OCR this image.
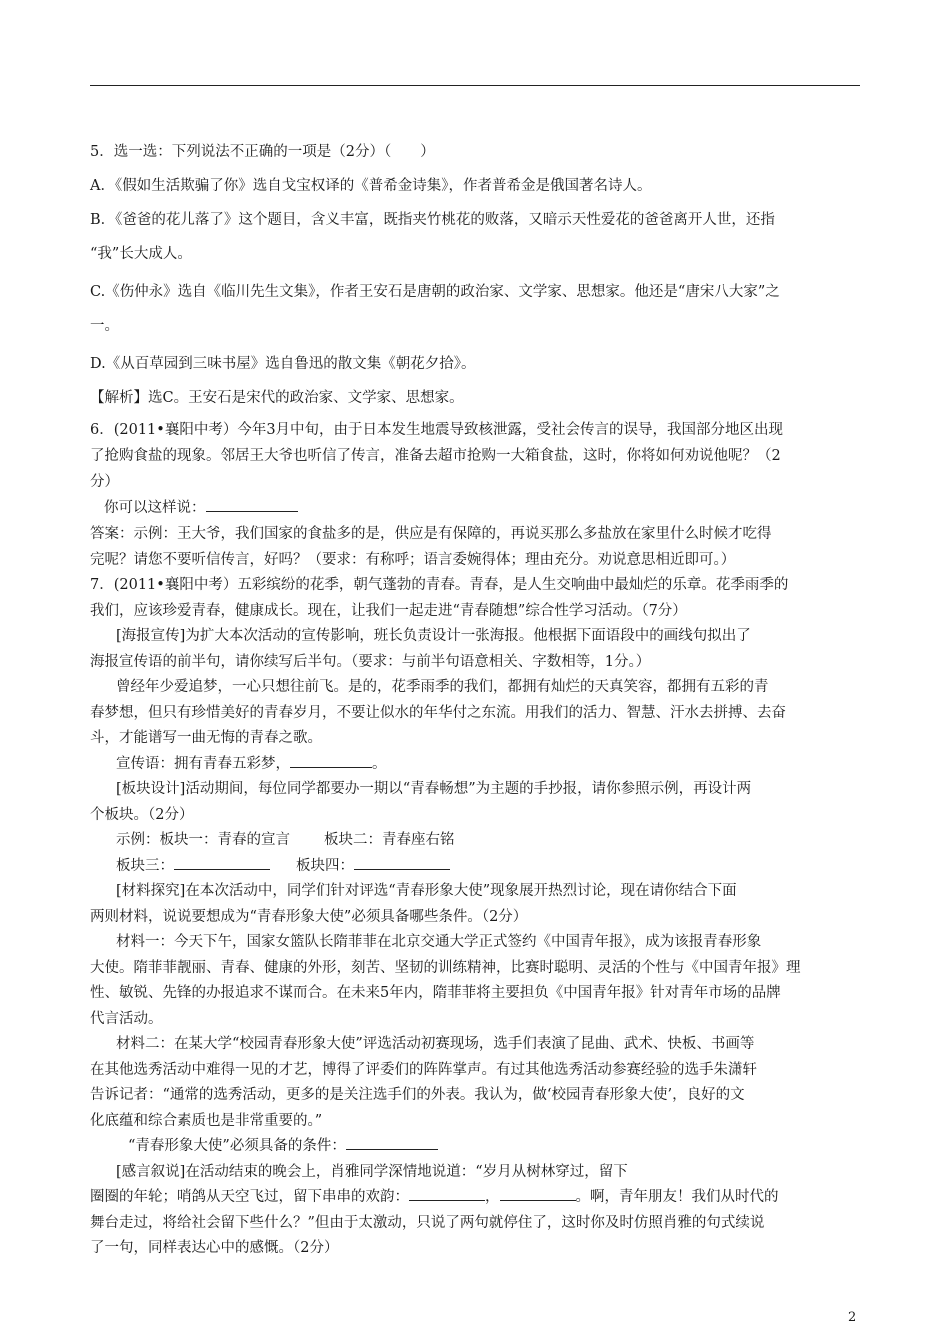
5．选一选：下列说法不正确的一项是（2分）（　　）

A．《假如生活欺骗了你》选自戈宝权译的《普希金诗集》，作者普希金是俄国著名诗人。

B．《爸爸的花儿落了》这个题目，含义丰富，既指夹竹桃花的败落，又暗示天性爱花的爸爸离开人世，还指

“我”长大成人。

C.《伤仲永》选自《临川先生文集》，作者王安石是唐朝的政治家、文学家、思想家。他还是“唐宋八大家”之

一。

D.《从百草园到三味书屋》选自鲁迅的散文集《朝花夕拾》。

【解析】选C。王安石是宋代的政治家、文学家、思想家。

6．(2011•襄阳中考）今年3月中旬，由于日本发生地震导致核泄露，受社会传言的误导，我国部分地区出现

了抢购食盐的现象。邻居王大爷也听信了传言，准备去超市抢购一大箱食盐，这时，你将如何劝说他呢？（2

分）

你可以这样说：

答案：示例：王大爷，我们国家的食盐多的是，供应是有保障的，再说买那么多盐放在家里什么时候才吃得

完呢？请您不要听信传言，好吗？（要求：有称呼；语言委婉得体；理由充分。劝说意思相近即可。）

7．(2011•襄阳中考）五彩缤纷的花季，朝气蓬勃的青春。青春，是人生交响曲中最灿烂的乐章。花季雨季的

我们，应该珍爱青春，健康成长。现在，让我们一起走进“青春随想”综合性学习活动。（7分）

[海报宣传]为扩大本次活动的宣传影响，班长负责设计一张海报。他根据下面语段中的画线句拟出了

海报宣传语的前半句，请你续写后半句。（要求：与前半句语意相关、字数相等，1分。）

曾经年少爱追梦，一心只想往前飞。是的，花季雨季的我们，都拥有灿烂的天真笑容，都拥有五彩的青

春梦想，但只有珍惜美好的青春岁月，不要让似水的年华付之东流。用我们的活力、智慧、汗水去拼搏、去奋

斗，才能谱写一曲无悔的青春之歌。

宣传语：拥有青春五彩梦，	。

[板块设计]活动期间，每位同学都要办一期以“青春畅想”为主题的手抄报，请你参照示例，再设计两

个板块。（2分）

示例：板块一：青春的宣言 板块二：青春座右铭

板块三：	板块四：

[材料探究]在本次活动中，同学们针对评选“青春形象大使”现象展开热烈讨论，现在请你结合下面

两则材料，说说要想成为“青春形象大使”必须具备哪些条件。（2分）

材料一：今天下午，国家女篮队长隋菲菲在北京交通大学正式签约《中国青年报》，成为该报青春形象

大使。隋菲菲靓丽、青春、健康的外形，刻苦、坚韧的训练精神，比赛时聪明、灵活的个性与《中国青年报》理

性、敏锐、先锋的办报追求不谋而合。在未来5年内，隋菲菲将主要担负《中国青年报》针对青年市场的品牌

代言活动。

材料二：在某大学“校园青春形象大使”评选活动初赛现场，选手们表演了昆曲、武术、快板、书画等

在其他选秀活动中难得一见的才艺，博得了评委们的阵阵掌声。有过其他选秀活动参赛经验的选手朱潇轩

告诉记者：“通常的选秀活动，更多的是关注选手们的外表。我认为，做‘校园青春形象大使’，良好的文

化底蕴和综合素质也是非常重要的。”

“青春形象大使”必须具备的条件：

[感言叙说]在活动结束的晚会上，肖雅同学深情地说道：“岁月从树林穿过，留下

圈圈的年轮；哨鸽从天空飞过，留下串串的欢韵：	，	。啊，青年朋友！我们从时代的

舞台走过，将给社会留下些什么？”但由于太激动，只说了两句就停住了，这时你及时仿照肖雅的句式续说

了一句，同样表达心中的感慨。（2分）

2
